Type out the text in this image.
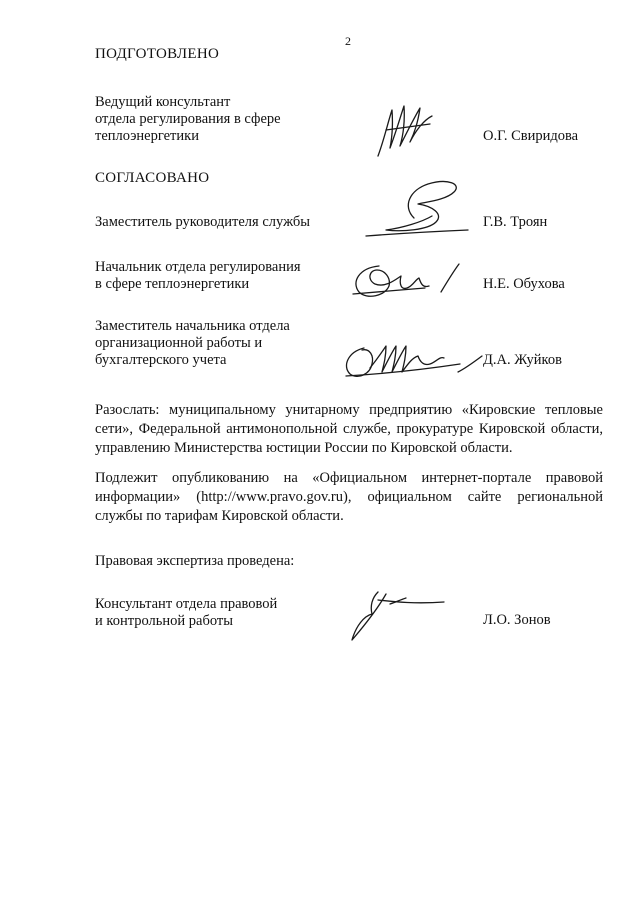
2
ПОДГОТОВЛЕНО
Ведущий консультант
отдела регулирования в сфере
теплоэнергетики	О.Г. Свиридова
СОГЛАСОВАНО
Заместитель руководителя службы	Г.В. Троян
Начальник отдела регулирования
в сфере теплоэнергетики	Н.Е. Обухова
Заместитель начальника отдела
организационной работы и
бухгалтерского учета	Д.А. Жуйков
Разослать: муниципальному унитарному предприятию «Кировские тепловые сети», Федеральной антимонопольной службе, прокуратуре Кировской области, управлению Министерства юстиции России по Кировской области.
Подлежит опубликованию на «Официальном интернет-портале правовой информации» (http://www.pravo.gov.ru), официальном сайте региональной службы по тарифам Кировской области.
Правовая экспертиза проведена:
Консультант отдела правовой
и контрольной работы	Л.О. Зонов
